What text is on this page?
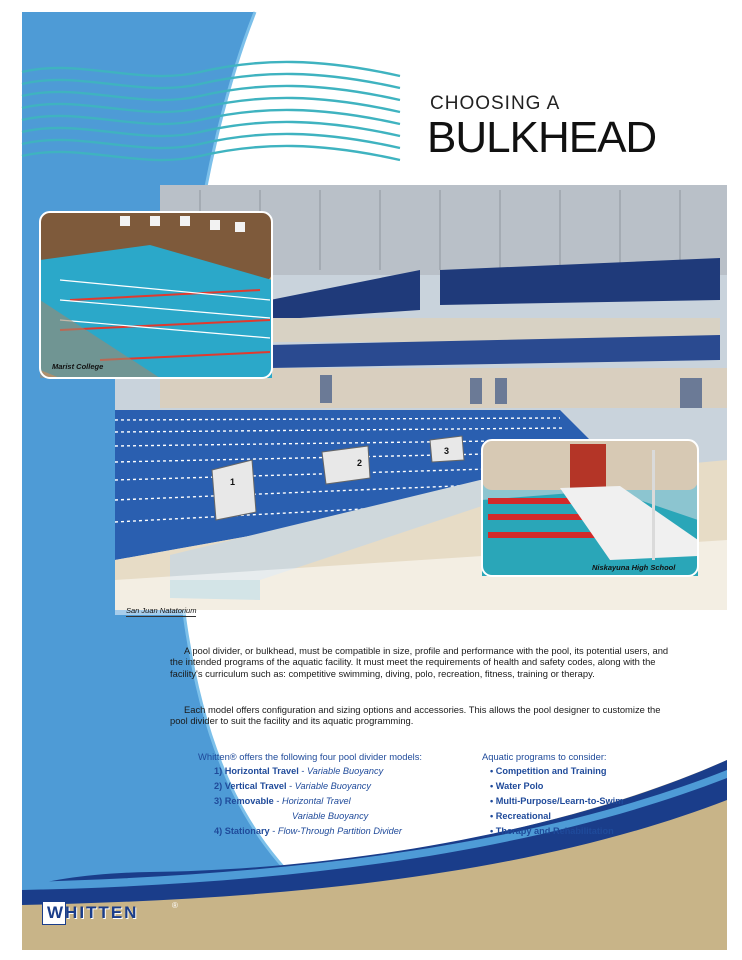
1
2
3
CHOOSING A
BULKHEAD
Marist College
Niskayuna High School
San Juan Natatorium
A pool divider, or bulkhead, must be compatible in size, profile and performance with the pool, its potential users, and the intended programs of the aquatic facility. It must meet the requirements of health and safety codes, along with the facility's curriculum such as: competitive swimming, diving, polo, recreation, fitness, training or therapy.
Each model offers configuration and sizing options and accessories. This allows the pool designer to customize the pool divider to suit the facility and its aquatic programming.
Whitten® offers the following four pool divider models:
1) Horizontal Travel - Variable Buoyancy
2) Vertical Travel - Variable Buoyancy
3) Removable - Horizontal Travel
Variable Buoyancy
4) Stationary - Flow-Through Partition Divider
Aquatic programs to consider:
• Competition and Training
• Water Polo
• Multi-Purpose/Learn-to-Swim
• Recreational
• Therapy and Rehabilitation
WHITTEN	®
